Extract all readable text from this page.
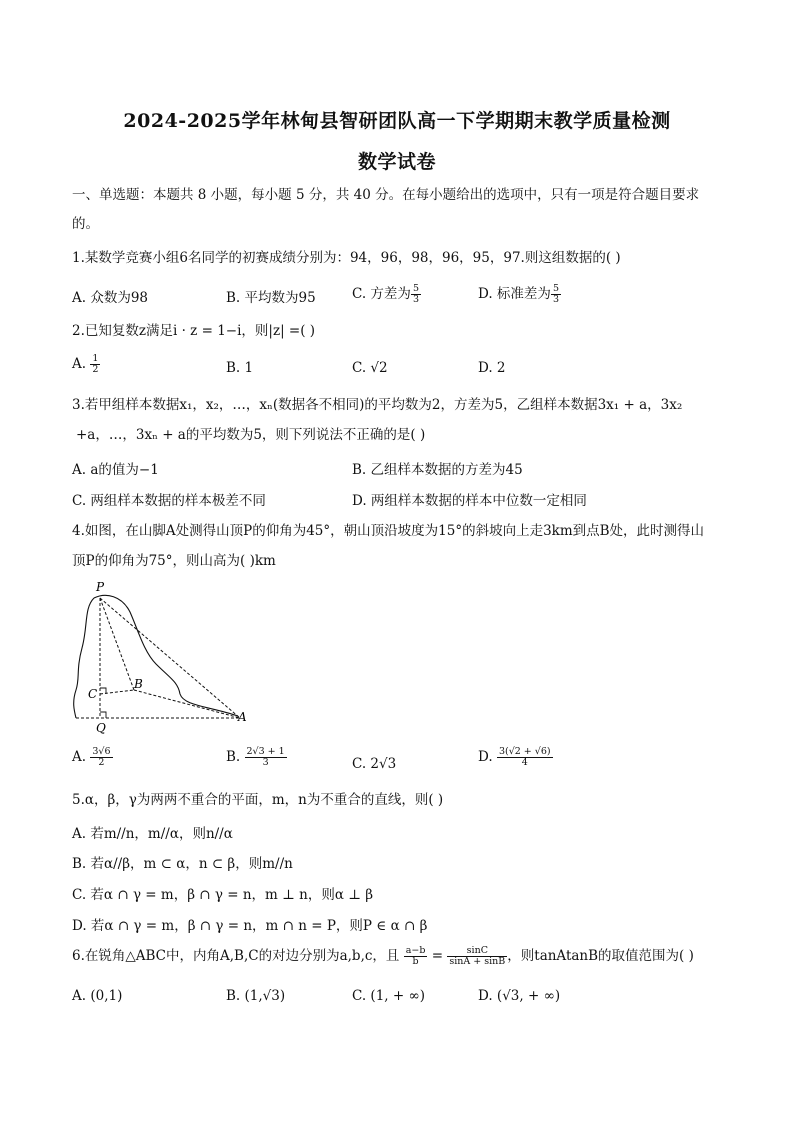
2024-2025学年林甸县智研团队高一下学期期末教学质量检测
数学试卷
一、单选题：本题共 8 小题，每小题 5 分，共 40 分。在每小题给出的选项中，只有一项是符合题目要求
的。
1.某数学竞赛小组6名同学的初赛成绩分别为：94，96，98，96，95，97.则这组数据的( )
A. 众数为98	B. 平均数为95	C. 方差为 $\frac{5}{3}$	D. 标准差为 $\frac{5}{3}$
2.已知复数z满足i · z = 1−i，则|z| =( )
A. $\frac{1}{2}$	B. 1	C. √2	D. 2
3.若甲组样本数据x₁，x₂，…，xₙ(数据各不相同)的平均数为2，方差为5，乙组样本数据3x₁ + a，3x₂
+a，…，3xₙ + a的平均数为5，则下列说法不正确的是( )
A. a的值为−1	B. 乙组样本数据的方差为45
C. 两组样本数据的样本极差不同	D. 两组样本数据的样本中位数一定相同
4.如图，在山脚A处测得山顶P的仰角为45°，朝山顶沿坡度为15°的斜坡向上走3km到点B处，此时测得山
顶P的仰角为75°，则山高为( )km
P
B
C
Q
A
A. $\frac{3√6}{2}$	B. $\frac{2√3 + 1}{3}$	C. 2√3	D. $\frac{3(√2 + √6)}{4}$
5.α，β，γ为两两不重合的平面，m，n为不重合的直线，则( )
A. 若m//n，m//α，则n//α
B. 若α//β，m ⊂ α，n ⊂ β，则m//n
C. 若α ∩ γ = m，β ∩ γ = n，m ⊥ n，则α ⊥ β
D. 若α ∩ γ = m，β ∩ γ = n，m ∩ n = P，则P ∈ α ∩ β
6.在锐角△ABC中，内角A,B,C的对边分别为a,b,c，且 $\frac{a-b}{b} = \frac{\sin C}{\sin A + \sin B}$ ，则tanAtanB的取值范围为( )
A. (0,1)	B. (1,√3)	C. (1, + ∞)	D. (√3, + ∞)
